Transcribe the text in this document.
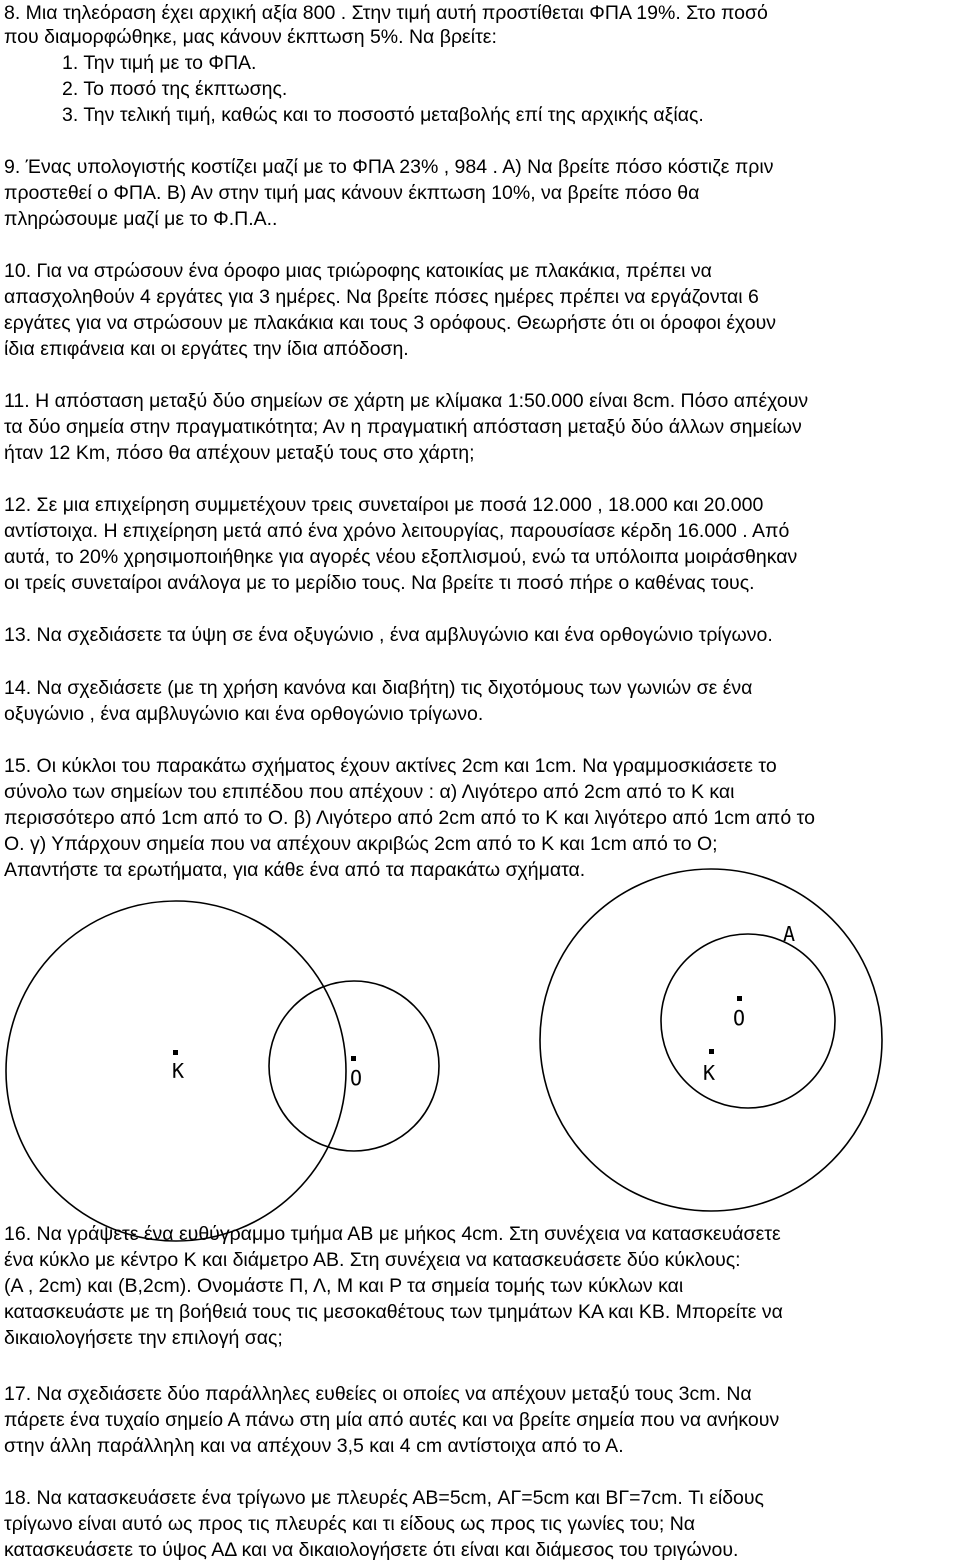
8. Μια τηλεόραση έχει αρχική αξία 800 . Στην τιμή αυτή προστίθεται ΦΠΑ 19%. Στο ποσό
που διαμορφώθηκε, μας κάνουν έκπτωση 5%. Να βρείτε:
1. Την τιμή με το ΦΠΑ.
2. Το ποσό της έκπτωσης.
3. Την τελική τιμή, καθώς και το ποσοστό μεταβολής επί της αρχικής αξίας.
9. Ένας υπολογιστής κοστίζει μαζί με το ΦΠΑ 23% , 984 . Α) Να βρείτε πόσο κόστιζε πριν
προστεθεί ο ΦΠΑ. Β) Αν στην τιμή μας κάνουν έκπτωση 10%, να βρείτε πόσο θα
πληρώσουμε μαζί με το Φ.Π.Α..
10. Για να στρώσουν ένα όροφο μιας τριώροφης κατοικίας με πλακάκια, πρέπει να
απασχοληθούν 4 εργάτες για 3 ημέρες. Να βρείτε πόσες ημέρες πρέπει να εργάζονται 6
εργάτες για να στρώσουν με πλακάκια και τους 3 ορόφους. Θεωρήστε ότι οι όροφοι έχουν
ίδια επιφάνεια και οι εργάτες την ίδια απόδοση.
11. Η απόσταση μεταξύ δύο σημείων σε χάρτη με κλίμακα 1:50.000 είναι 8cm. Πόσο απέχουν
τα δύο σημεία στην πραγματικότητα; Αν η πραγματική απόσταση μεταξύ δύο άλλων σημείων
ήταν 12 Km, πόσο θα απέχουν μεταξύ τους στο χάρτη;
12. Σε μια επιχείρηση συμμετέχουν τρεις συνεταίροι με ποσά 12.000 , 18.000 και 20.000
αντίστοιχα. Η επιχείρηση μετά από ένα χρόνο λειτουργίας, παρουσίασε κέρδη 16.000 . Από
αυτά, το 20% χρησιμοποιήθηκε για αγορές νέου εξοπλισμού, ενώ τα υπόλοιπα μοιράσθηκαν
οι τρείς συνεταίροι ανάλογα με το μερίδιο τους. Να βρείτε τι ποσό πήρε ο καθένας τους.
13. Να σχεδιάσετε τα ύψη σε ένα οξυγώνιο , ένα αμβλυγώνιο και ένα ορθογώνιο τρίγωνο.
14. Να σχεδιάσετε (με τη χρήση κανόνα και διαβήτη) τις διχοτόμους των γωνιών σε ένα
οξυγώνιο , ένα αμβλυγώνιο και ένα ορθογώνιο τρίγωνο.
15. Οι κύκλοι του παρακάτω σχήματος έχουν ακτίνες 2cm και 1cm. Να γραμμοσκιάσετε το
σύνολο των σημείων του επιπέδου που απέχουν : α) Λιγότερο από 2cm από το Κ και
περισσότερο από 1cm από το Ο. β) Λιγότερο από 2cm από το Κ και λιγότερο από 1cm από το
Ο. γ) Υπάρχουν σημεία που να απέχουν ακριβώς 2cm από το Κ και 1cm από το Ο;
Απαντήστε τα ερωτήματα, για κάθε ένα από τα παρακάτω σχήματα.
Κ	Ο	Κ
Ο
Α
16. Να γράψετε ένα ευθύγραμμο τμήμα ΑΒ με μήκος 4cm. Στη συνέχεια να κατασκευάσετε
ένα κύκλο με κέντρο Κ και διάμετρο ΑΒ. Στη συνέχεια να κατασκευάσετε δύο κύκλους:
(Α , 2cm) και (Β,2cm). Ονομάστε Π, Λ, Μ και Ρ τα σημεία τομής των κύκλων και
κατασκευάστε με τη βοήθειά τους τις μεσοκαθέτους των τμημάτων ΚΑ και ΚΒ. Μπορείτε να
δικαιολογήσετε την επιλογή σας;
17. Να σχεδιάσετε δύο παράλληλες ευθείες οι οποίες να απέχουν μεταξύ τους 3cm. Να
πάρετε ένα τυχαίο σημείο Α πάνω στη μία από αυτές και να βρείτε σημεία που να ανήκουν
στην άλλη παράλληλη και να απέχουν 3,5 και 4 cm αντίστοιχα από το Α.
18. Να κατασκευάσετε ένα τρίγωνο με πλευρές ΑΒ=5cm, ΑΓ=5cm και ΒΓ=7cm. Τι είδους
τρίγωνο είναι αυτό ως προς τις πλευρές και τι είδους ως προς τις γωνίες του; Να
κατασκευάσετε το ύψος ΑΔ και να δικαιολογήσετε ότι είναι και διάμεσος του τριγώνου.
